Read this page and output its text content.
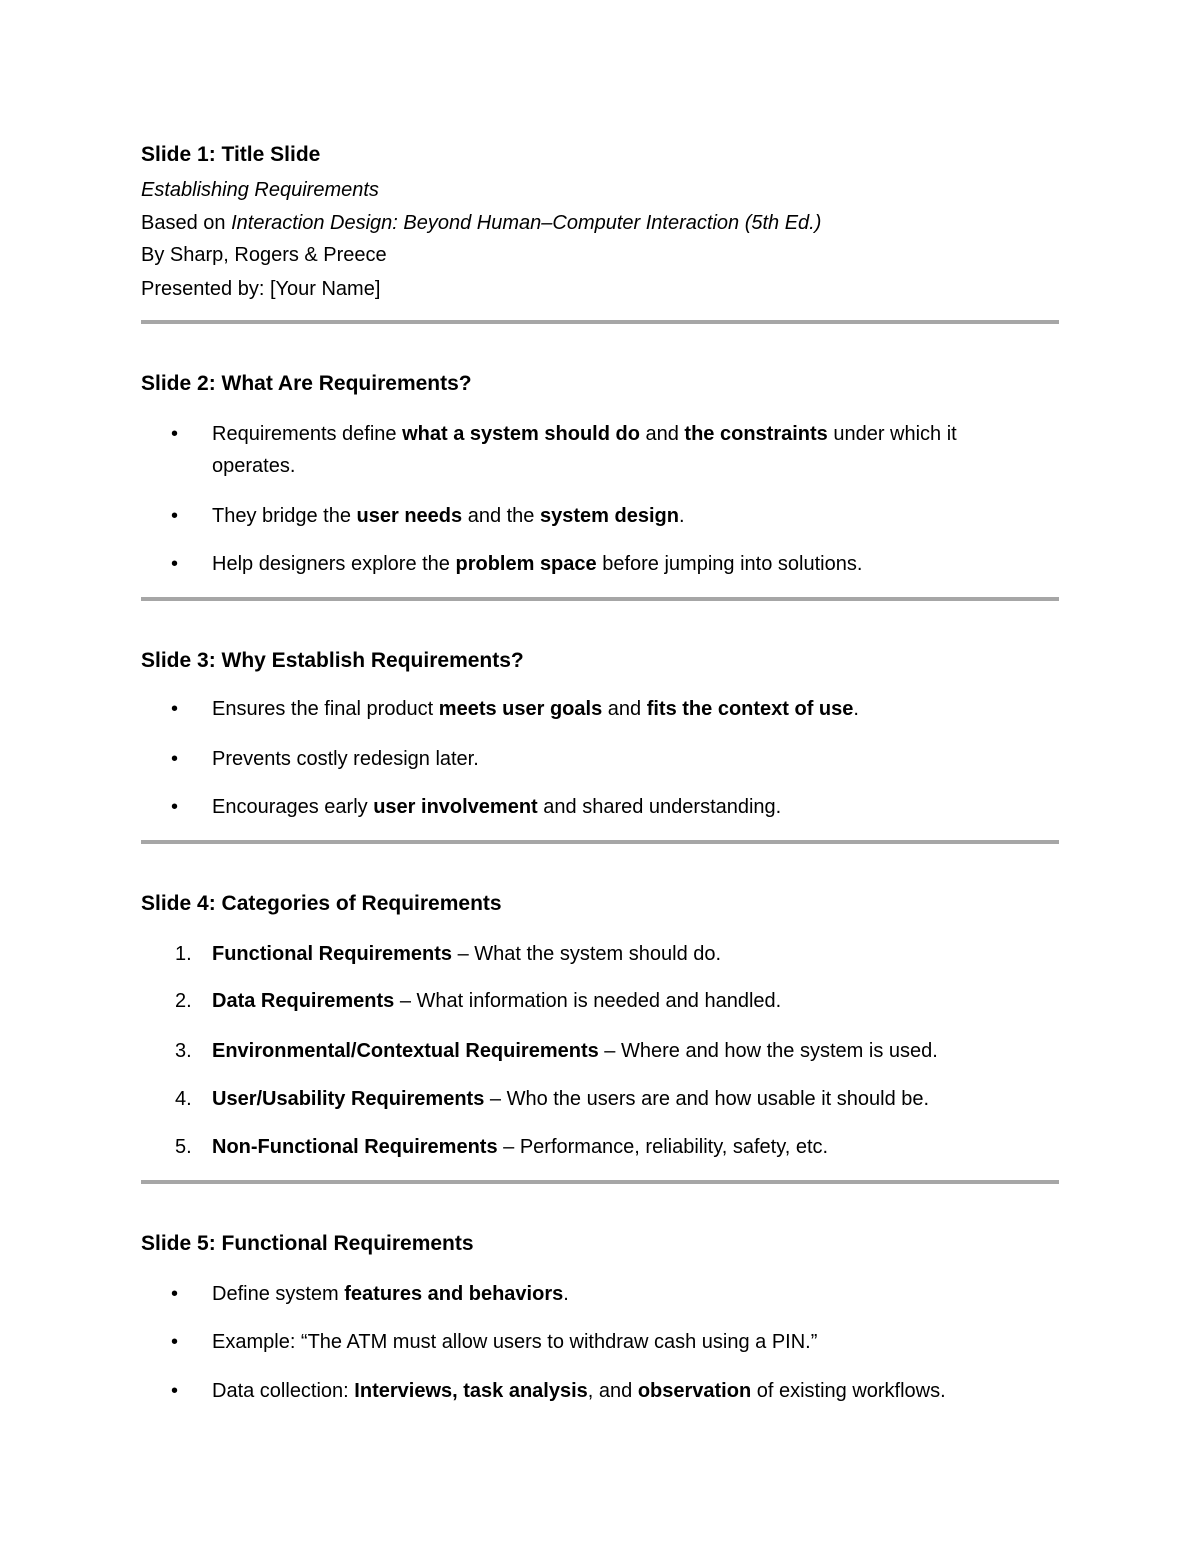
Slide 1: Title Slide

Establishing Requirements

Based on Interaction Design: Beyond Human–Computer Interaction (5th Ed.)

By Sharp, Rogers & Preece

Presented by: [Your Name]

Slide 2: What Are Requirements?
•	Requirements define what a system should do and the constraints under which it
operates.
•	They bridge the user needs and the system design.
•	Help designers explore the problem space before jumping into solutions.
Slide 3: Why Establish Requirements?
•	Ensures the final product meets user goals and fits the context of use.
•	Prevents costly redesign later.
•	Encourages early user involvement and shared understanding.
Slide 4: Categories of Requirements
1. Functional Requirements – What the system should do.
2. Data Requirements – What information is needed and handled.
3. Environmental/Contextual Requirements – Where and how the system is used.
4. User/Usability Requirements – Who the users are and how usable it should be.
5. Non-Functional Requirements – Performance, reliability, safety, etc.
Slide 5: Functional Requirements
•	Define system features and behaviors.
•	Example: “The ATM must allow users to withdraw cash using a PIN.”
•	Data collection: Interviews, task analysis, and observation of existing workflows.
